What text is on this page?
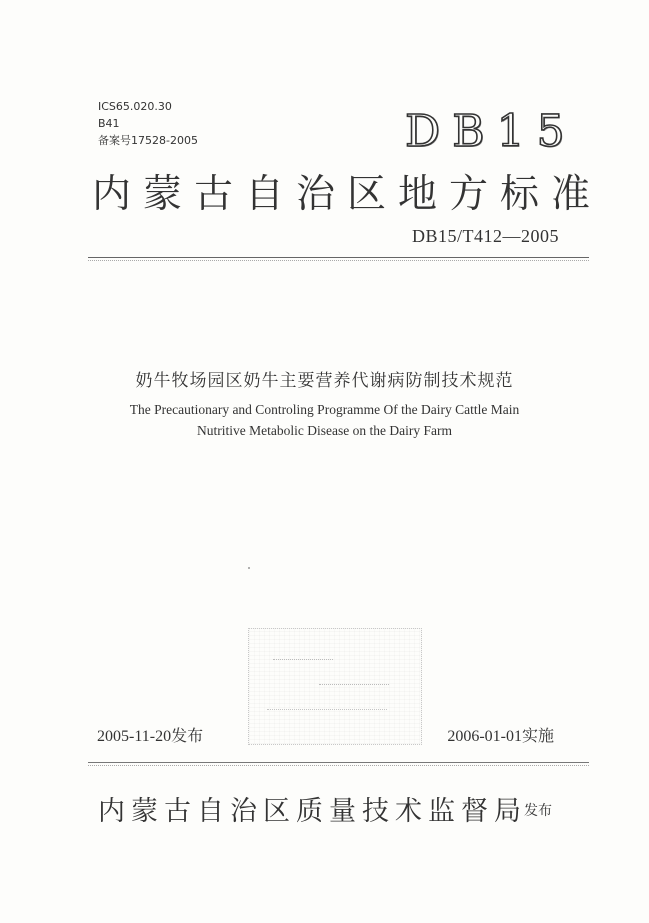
ICS65.020.30
B41
备案号17528-2005	DB15
内蒙古自治区地方标准
DB15/T412—2005
奶牛牧场园区奶牛主要营养代谢病防制技术规范
The Precautionary and Controling Programme Of the Dairy Cattle Main
Nutritive Metabolic Disease on the Dairy Farm
2005-11-20发布	2006-01-01实施
内蒙古自治区质量技术监督局
发布
